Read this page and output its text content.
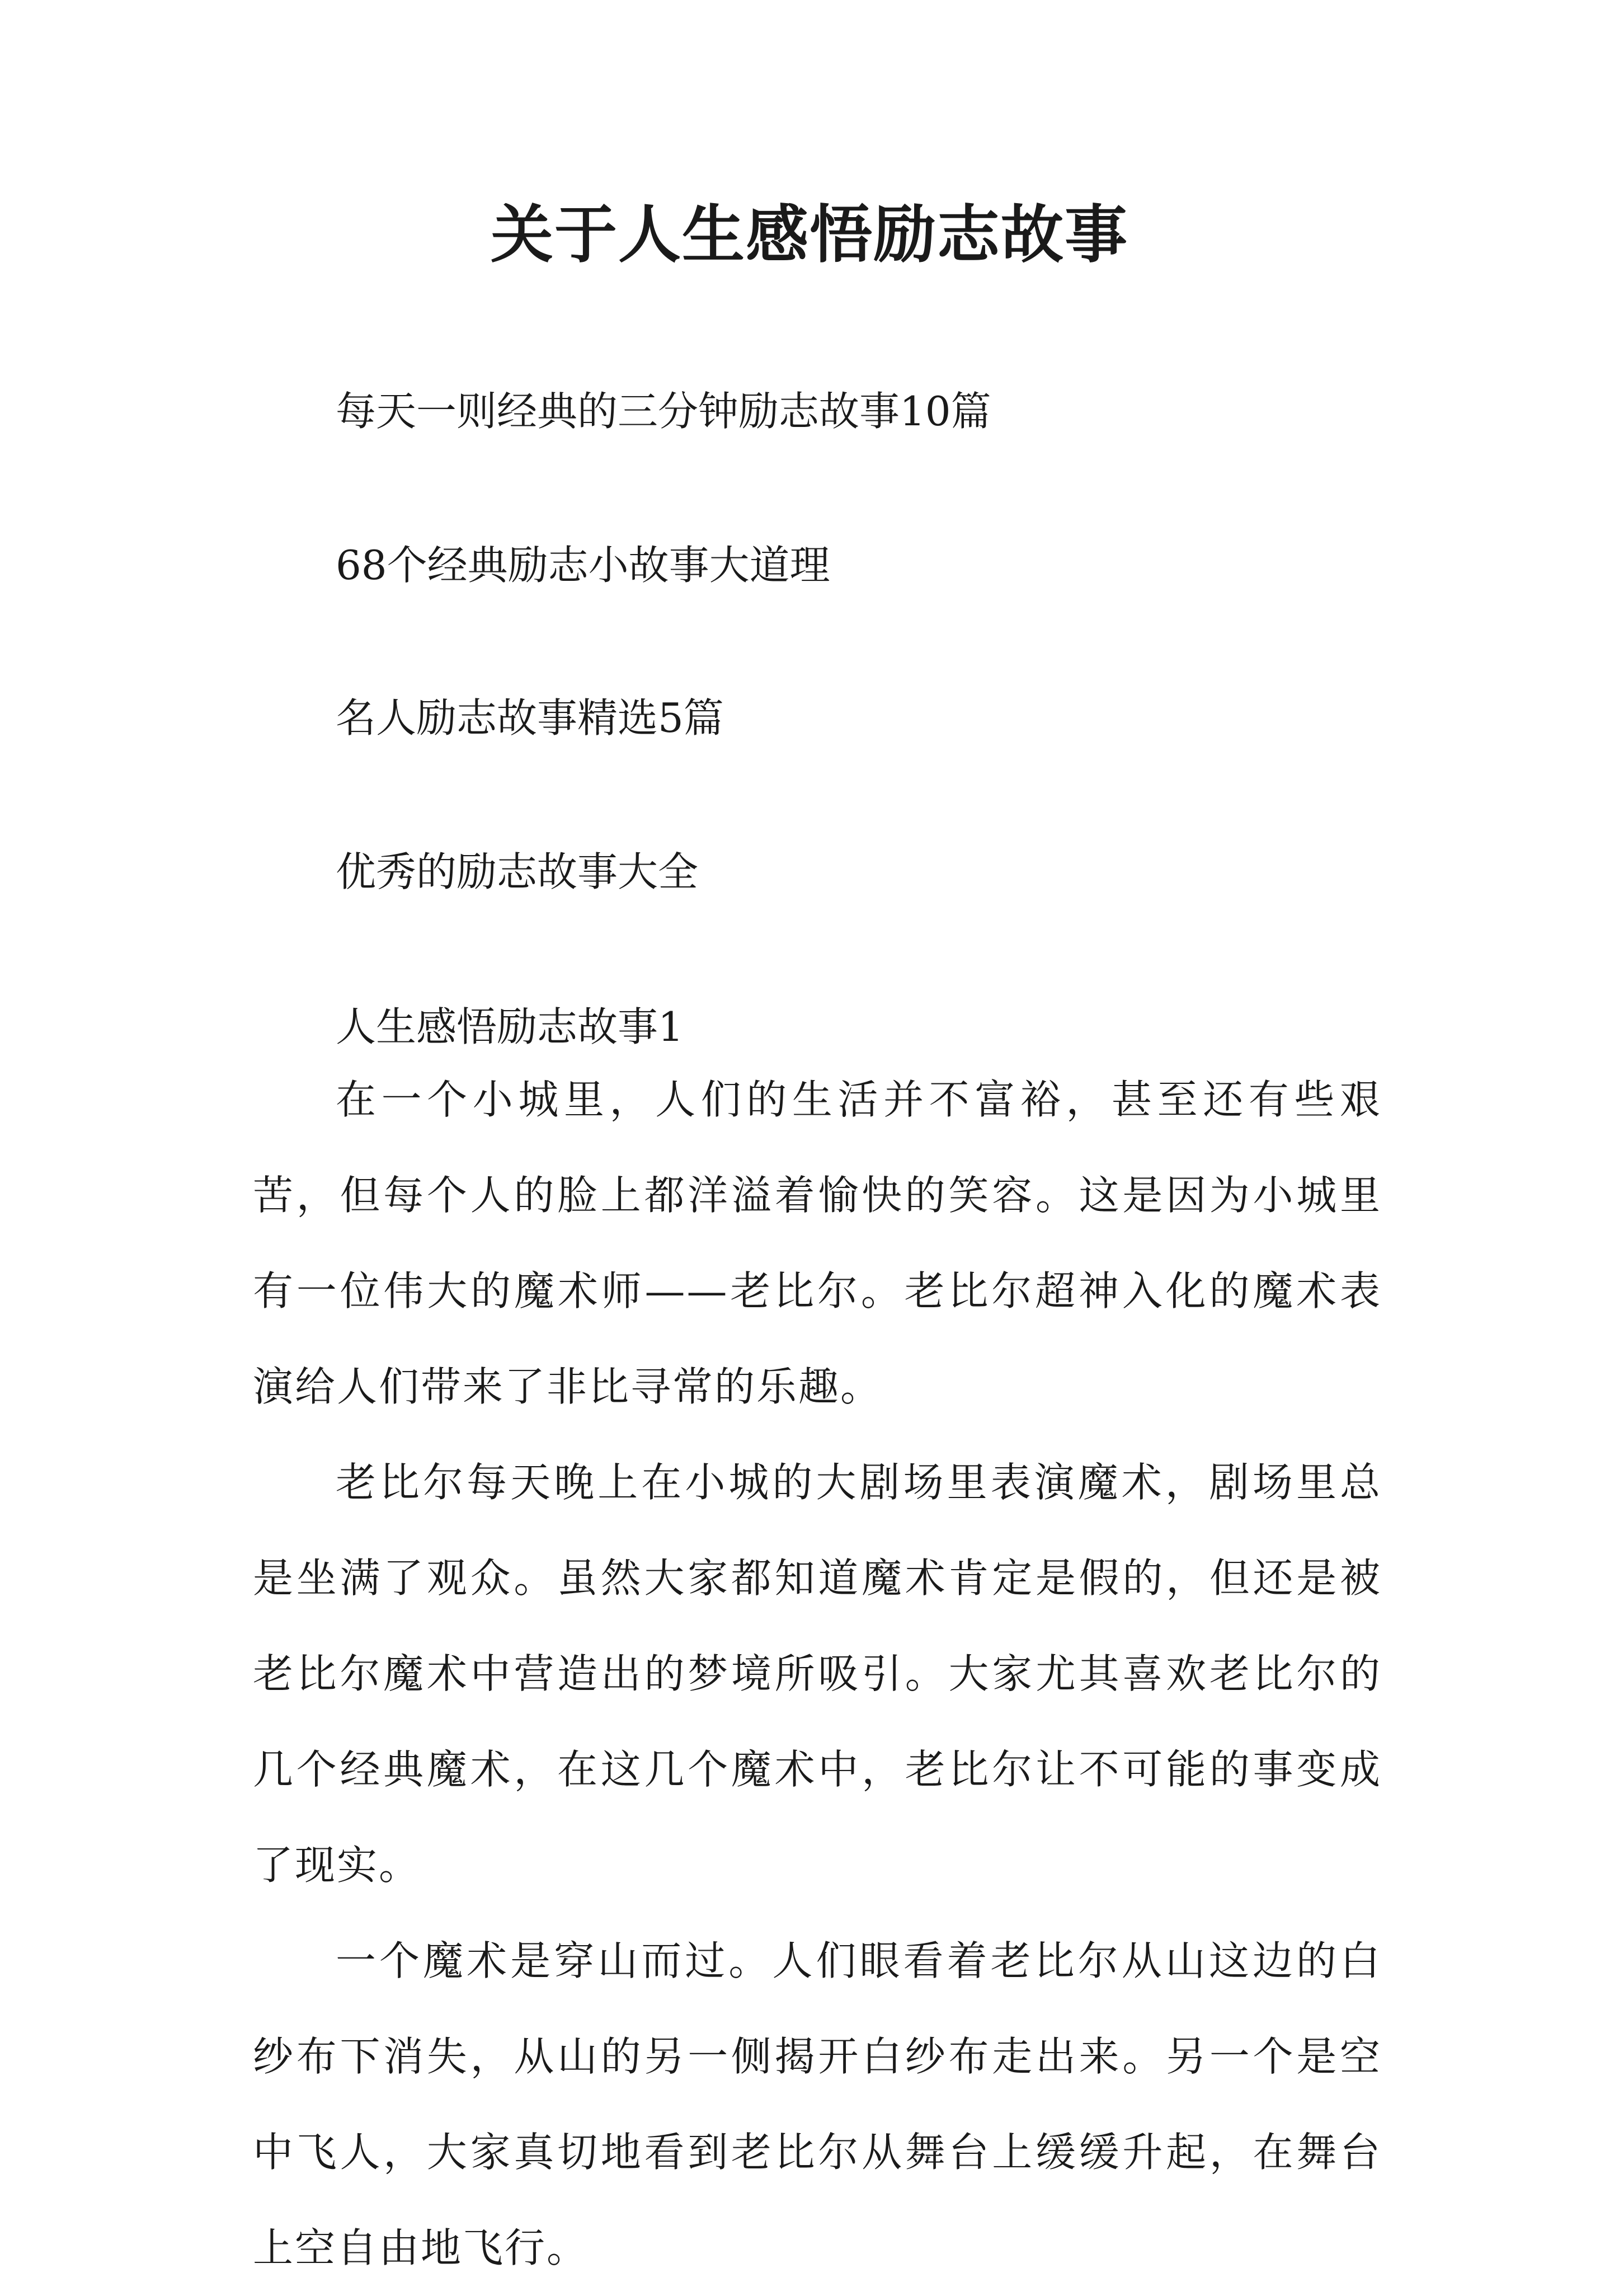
关于人生感悟励志故事
每天一则经典的三分钟励志故事10篇
68个经典励志小故事大道理
名人励志故事精选5篇
优秀的励志故事大全
人生感悟励志故事1

在一个小城里，人们的生活并不富裕，甚至还有些艰苦，但每个人的脸上都洋溢着愉快的笑容。这是因为小城里有一位伟大的魔术师——老比尔。老比尔超神入化的魔术表演给人们带来了非比寻常的乐趣。

老比尔每天晚上在小城的大剧场里表演魔术，剧场里总是坐满了观众。虽然大家都知道魔术肯定是假的，但还是被老比尔魔术中营造出的梦境所吸引。大家尤其喜欢老比尔的几个经典魔术，在这几个魔术中，老比尔让不可能的事变成了现实。

一个魔术是穿山而过。人们眼看着老比尔从山这边的白纱布下消失，从山的另一侧揭开白纱布走出来。另一个是空中飞人，大家真切地看到老比尔从舞台上缓缓升起，在舞台上空自由地飞行。
